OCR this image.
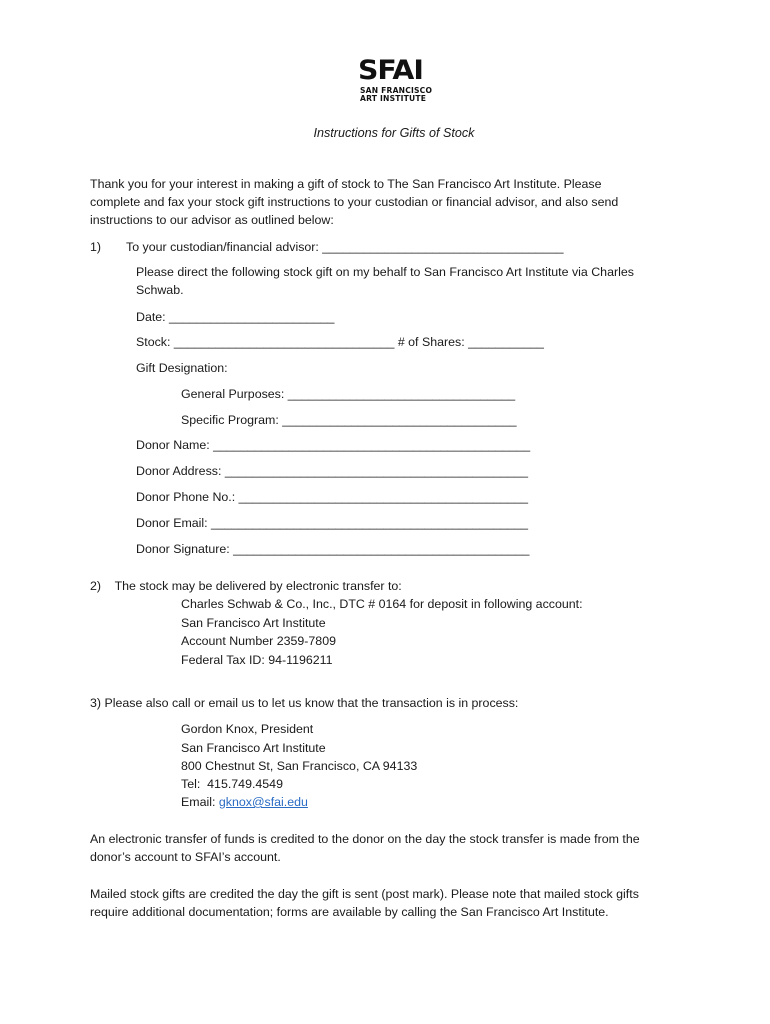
SFAI
SAN FRANCISCO
ART INSTITUTE
Instructions for Gifts of Stock
Thank you for your interest in making a gift of stock to The San Francisco Art Institute. Please
complete and fax your stock gift instructions to your custodian or financial advisor, and also send
instructions to our advisor as outlined below:
1) To your custodian/financial advisor: ___________________________________
Please direct the following stock gift on my behalf to San Francisco Art Institute via Charles
Schwab.
Date: ________________________
Stock: ________________________________ # of Shares: ___________
Gift Designation:
General Purposes: _________________________________
Specific Program: __________________________________
Donor Name: ______________________________________________
Donor Address: ____________________________________________
Donor Phone No.: __________________________________________
Donor Email: ______________________________________________
Donor Signature: ___________________________________________
2)    The stock may be delivered by electronic transfer to:
Charles Schwab & Co., Inc., DTC # 0164 for deposit in following account:
San Francisco Art Institute
Account Number 2359-7809
Federal Tax ID: 94-1196211
3) Please also call or email us to let us know that the transaction is in process:
Gordon Knox, President
San Francisco Art Institute
800 Chestnut St, San Francisco, CA 94133
Tel:  415.749.4549
Email: gknox@sfai.edu
An electronic transfer of funds is credited to the donor on the day the stock transfer is made from the
donor’s account to SFAI’s account.
Mailed stock gifts are credited the day the gift is sent (post mark). Please note that mailed stock gifts
require additional documentation; forms are available by calling the San Francisco Art Institute.
